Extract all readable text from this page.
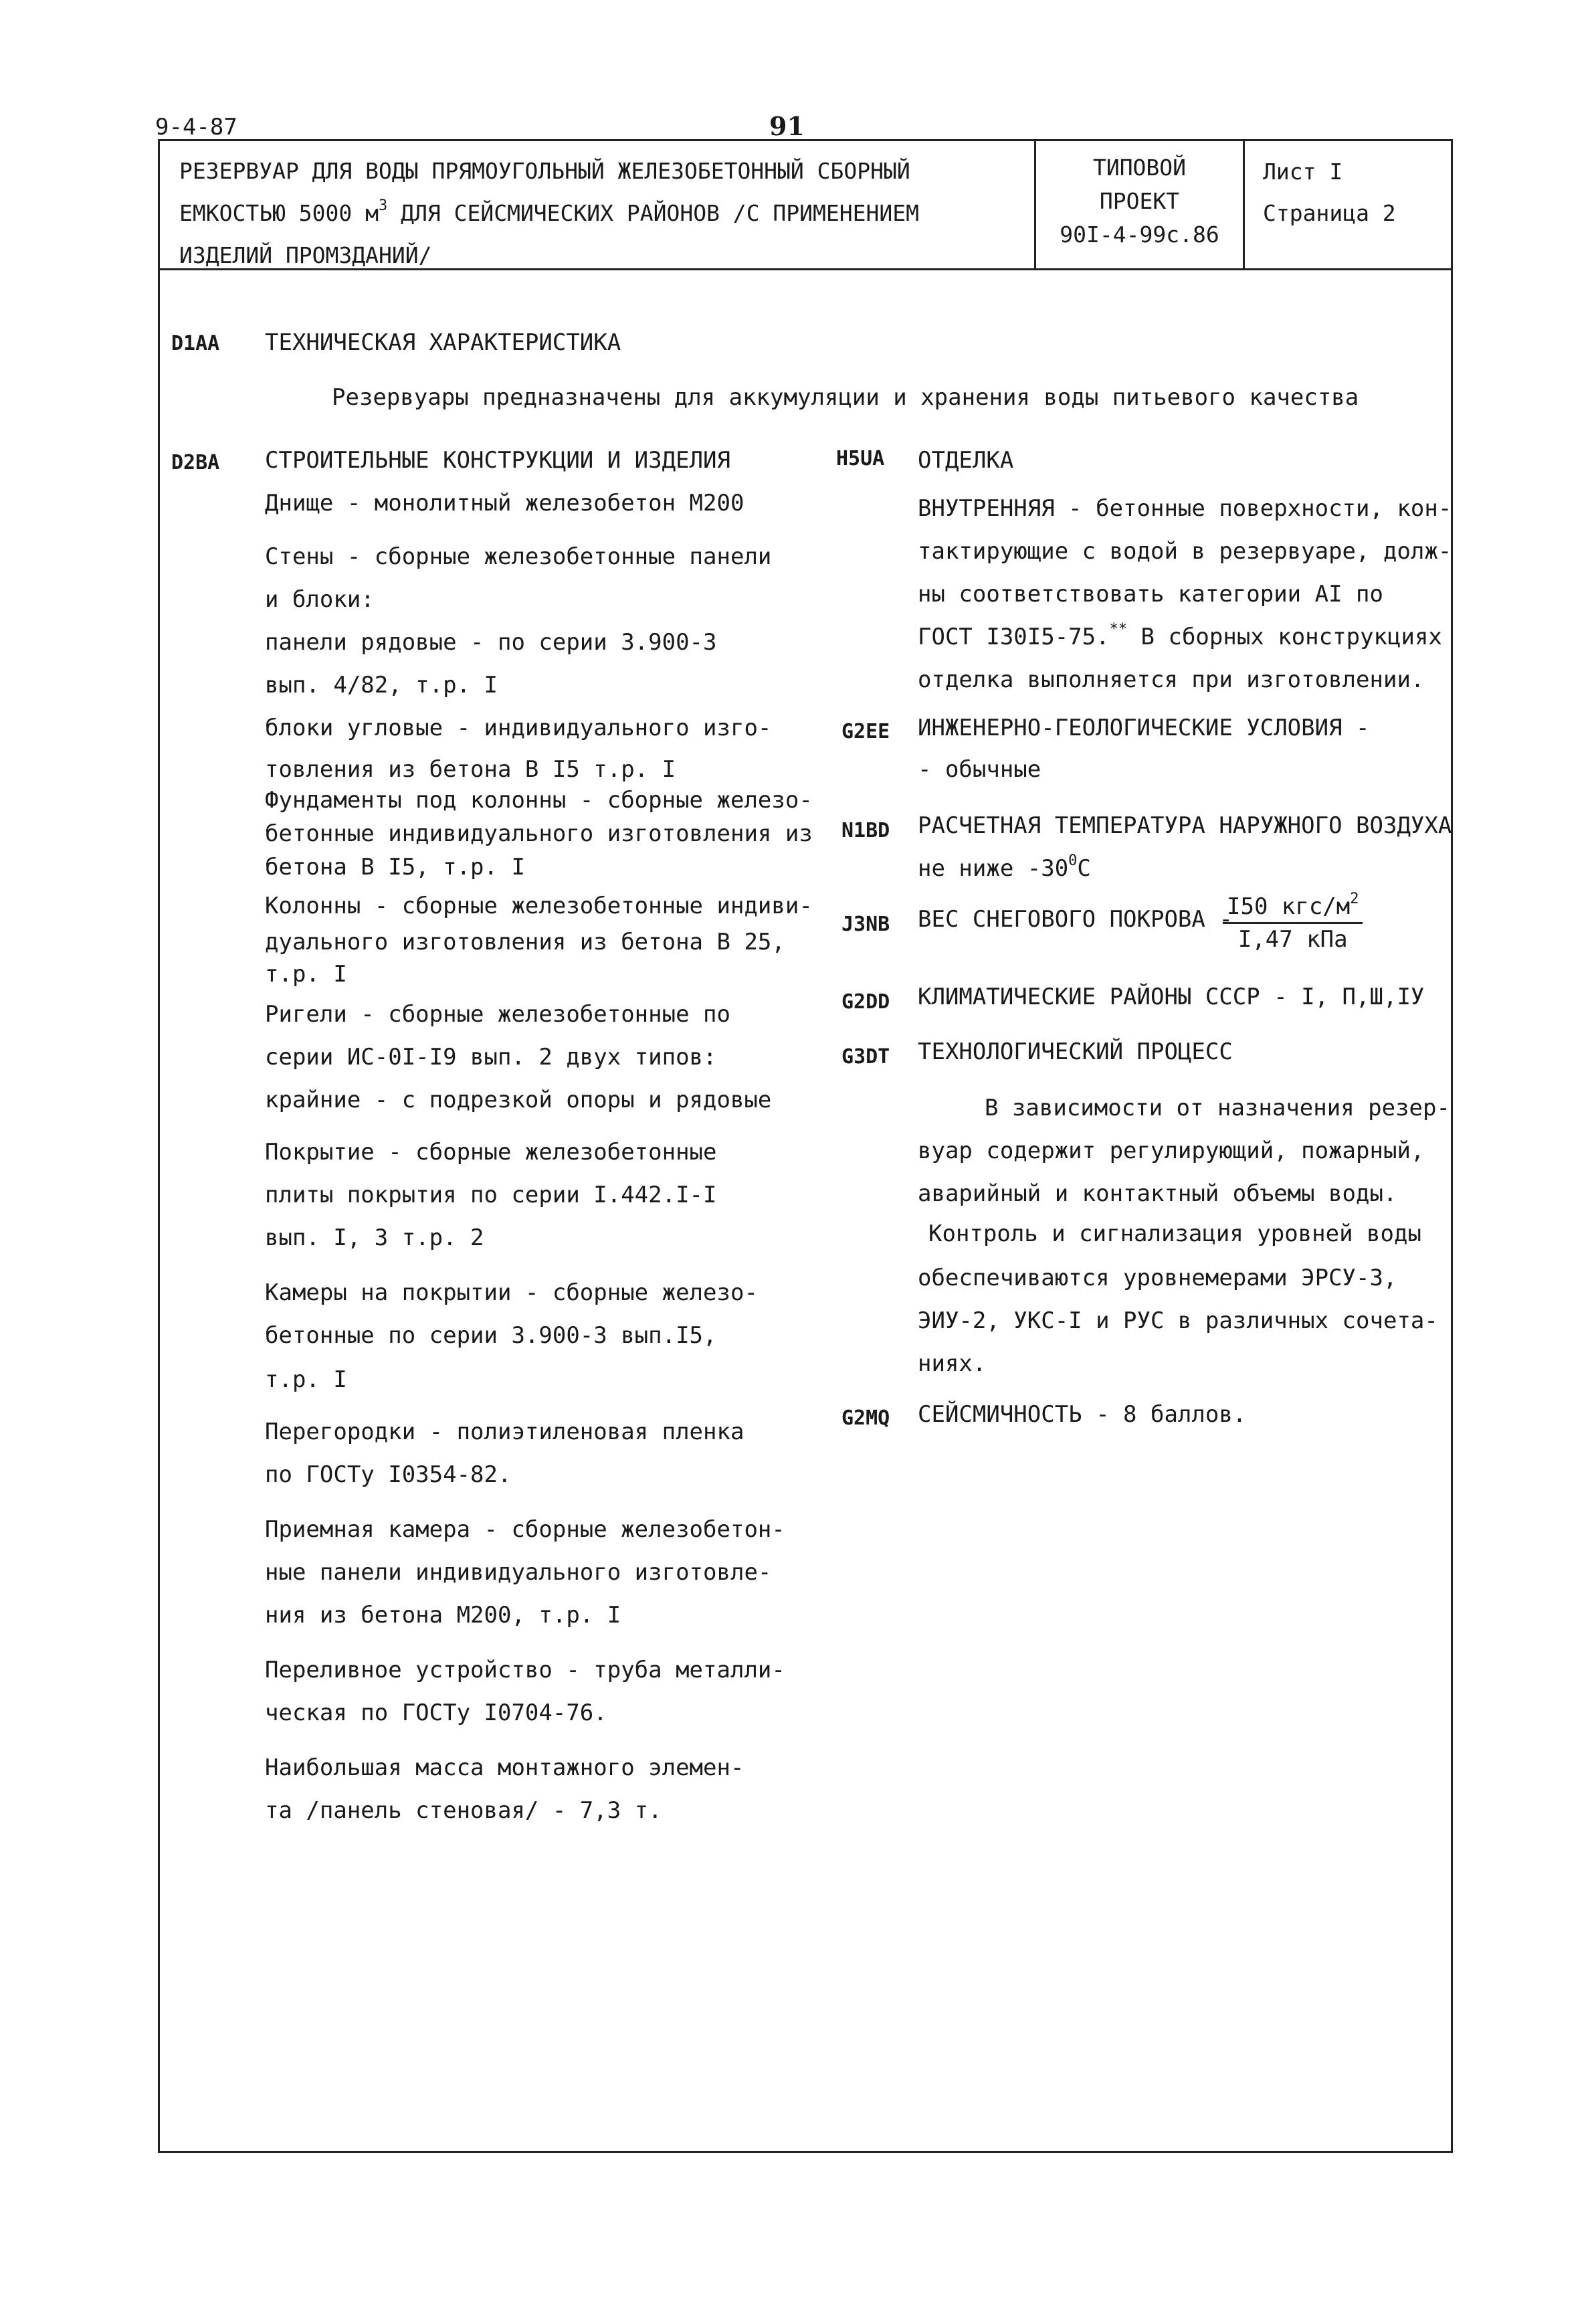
9-4-87	91
РЕЗЕРВУАР ДЛЯ ВОДЫ ПРЯМОУГОЛЬНЫЙ ЖЕЛЕЗОБЕТОННЫЙ СБОРНЫЙ
ЕМКОСТЬЮ 5000 $м^3$ ДЛЯ СЕЙСМИЧЕСКИХ РАЙОНОВ /С ПРИМЕНЕНИЕМ
ИЗДЕЛИЙ ПРОМЗДАНИЙ/
ТИПОВОЙ
ПРОЕКТ
90I-4-99с.86
Лист I
Страница 2
D1AA ТЕХНИЧЕСКАЯ ХАРАКТЕРИСТИКА
Резервуары предназначены для аккумуляции и хранения воды питьевого качества
D2BA СТРОИТЕЛЬНЫЕ КОНСТРУКЦИИ И ИЗДЕЛИЯ
Днище - монолитный железобетон М200
Стены - сборные железобетонные панели
и блоки:
панели рядовые - по серии 3.900-3
вып. 4/82, т.р. I
блоки угловые - индивидуального изго-
товления из бетона В I5 т.р. I
Фундаменты под колонны - сборные железо-
бетонные индивидуального изготовления из
бетона В I5, т.р. I
Колонны - сборные железобетонные индиви-
дуального изготовления из бетона В 25,
т.р. I
Ригели - сборные железобетонные по
серии ИС-0I-I9 вып. 2 двух типов:
крайние - с подрезкой опоры и рядовые
Покрытие - сборные железобетонные
плиты покрытия по серии I.442.I-I
вып. I, 3 т.р. 2
Камеры на покрытии - сборные железо-
бетонные по серии 3.900-3 вып.I5,
т.р. I
Перегородки - полиэтиленовая пленка
по ГОСТу I0354-82.
Приемная камера - сборные железобетон-
ные панели индивидуального изготовле-
ния из бетона М200, т.р. I
Переливное устройство - труба металли-
ческая по ГОСТу I0704-76.
Наибольшая масса монтажного элемен-
та /панель стеновая/ - 7,3 т.
H5UA ОТДЕЛКА
ВНУТРЕННЯЯ - бетонные поверхности, кон-
тактирующие с водой в резервуаре, долж-
ны соответствовать категории АI по
ГОСТ I30I5-75.** В сборных конструкциях
отделка выполняется при изготовлении.
G2EE ИНЖЕНЕРНО-ГЕОЛОГИЧЕСКИЕ УСЛОВИЯ -
- обычные
N1BD РАСЧЕТНАЯ ТЕМПЕРАТУРА НАРУЖНОГО ВОЗДУХА
не ниже $-30^0С$
J3NB ВЕС СНЕГОВОГО ПОКРОВА -
$\frac{I50 кгс/м^2}{\text{I,47 кПа}}$
G2DD КЛИМАТИЧЕСКИЕ РАЙОНЫ СССР - I, П,Ш,IУ
G3DT ТЕХНОЛОГИЧЕСКИЙ ПРОЦЕСС
В зависимости от назначения резер-
вуар содержит регулирующий, пожарный,
аварийный и контактный объемы воды.
Контроль и сигнализация уровней воды
обеспечиваются уровнемерами ЭРСУ-3,
ЭИУ-2, УКС-I и РУС в различных сочета-
ниях.
G2MQ СЕЙСМИЧНОСТЬ - 8 баллов.
